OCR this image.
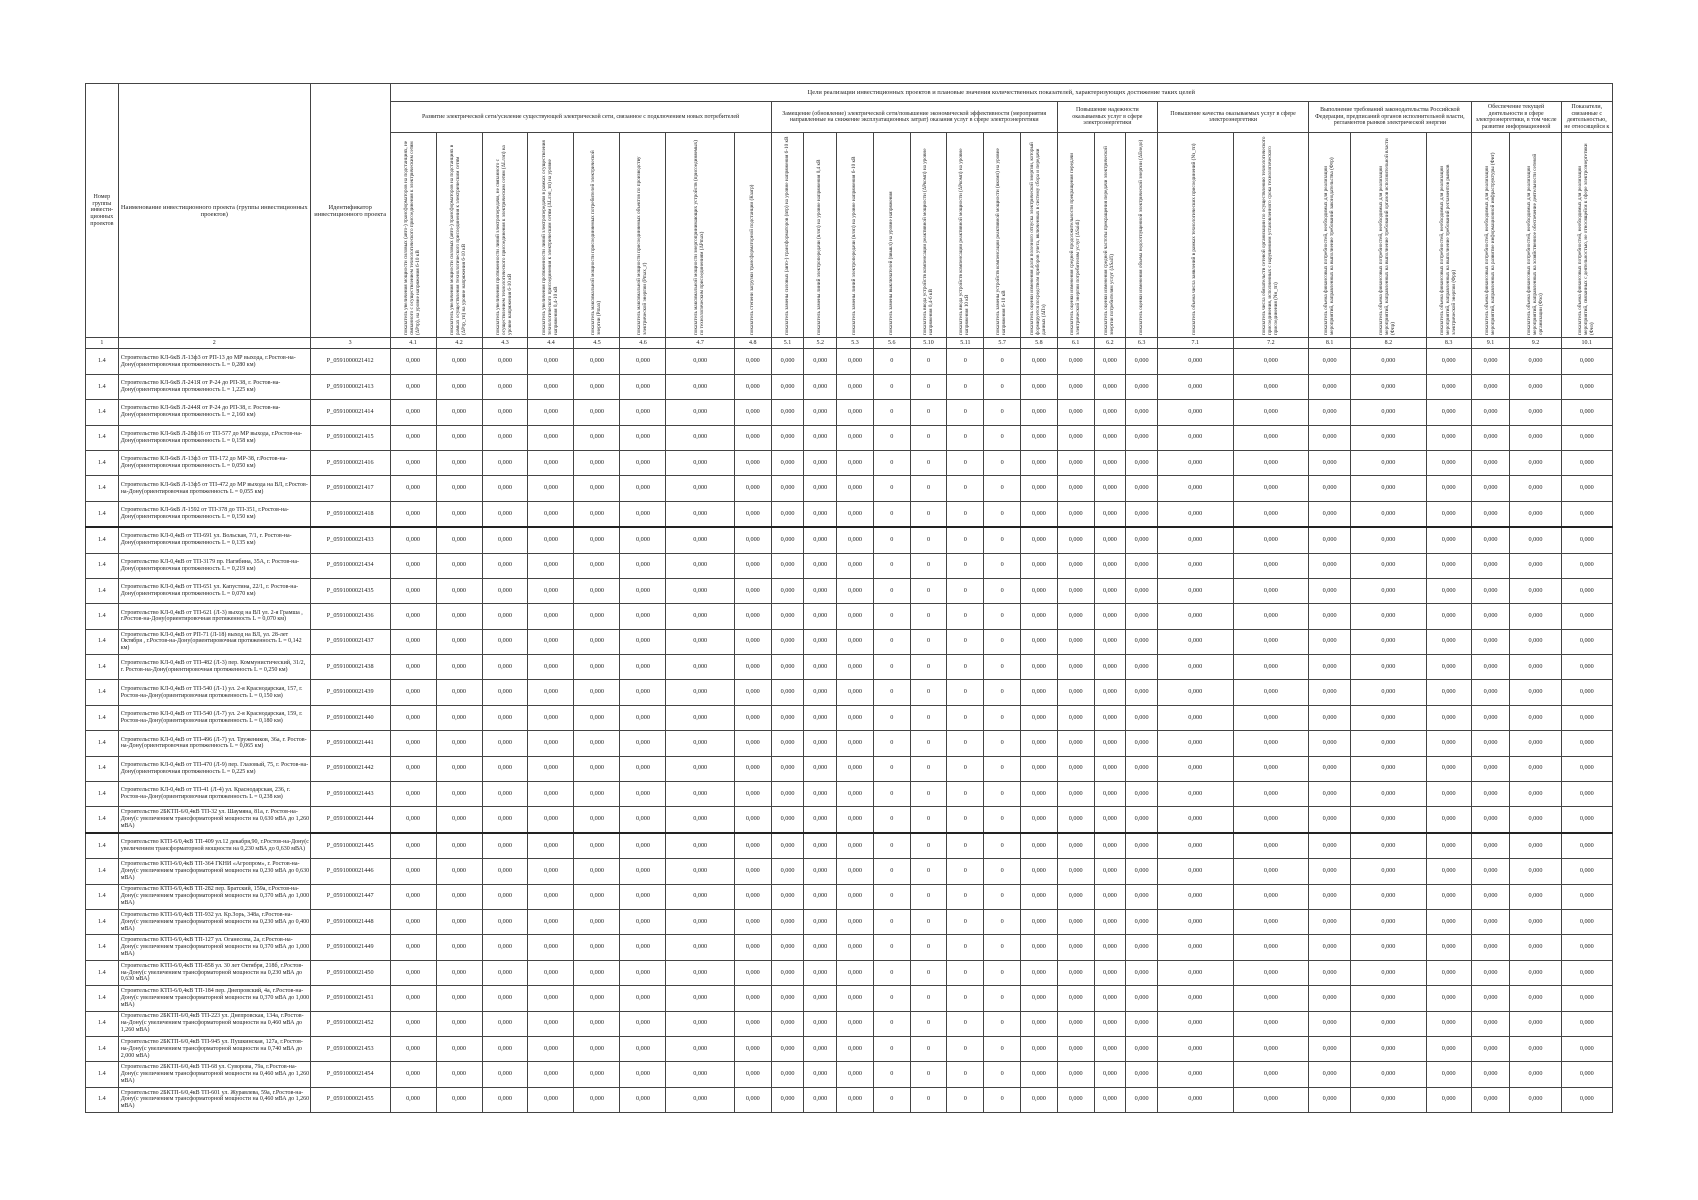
Номер группы инвести-ционных проектов	Наименование инвестиционного проекта (группы инвестиционных проектов)	Идентификатор инвестиционного проекта	Цели реализации инвестиционных проектов и плановые значения количественных показателей, характеризующих достижение таких целей																										
			Развитие электрической сети/усиление существующей электрической сети, связанное с подключением новых потребителей								Замещение (обновление) электрической сети/повышение экономической эффективности (мероприятия направленные на снижение эксплуатационных затрат) оказания услуг в сфере электроэнергетики								Повышение надежности оказываемых услуг в сфере электроэнергетики			Повышение качества оказываемых услуг в сфере электроэнергетики		Выполнение требований законодательства Российской Федерации, предписаний органов исполнительной власти, регламентов рынков электрической энергии			Обеспечение текущей деятельности в сфере электроэнергетики, в том числе развитие информационной		Показатели, связанные с деятельностью, не относящейся к

			показатель увеличения мощности силовых (авто-) трансформаторов на подстанциях, не связанного с осуществлением технологического присоединения к электрическим сетям (ΔPтр), на уровне напряжения 6-10 кВ	показатель увеличения мощности силовых (авто-) трансформаторов на подстанциях в рамках осуществления технологического присоединения к электрическим сетям (ΔPтр_тп) на уровне напряжения 6-10 кВ	показатель увеличения протяженности линий электропередачи, не связанного с осуществлением технологического присоединения к электрическим сетям (ΔLлэп) на уровне напряжения 6-10 кВ	показатель увеличения протяженности линий электропередачи в рамках осуществления технологического присоединения к электрическим сетям (ΔLлэп_тп) на уровне напряжения 0,4-10 кВ	показатель максимальной мощности присоединяемых потребителей электрической энергии (Pmax)	показатель максимальной мощности присоединяемых объектов по производству электрической энергии (Pmax_г)	показатель максимальной мощности энергопринимающих устройств (присоединяемых) по технологическим присоединениям (ΔPmax)	показатель степени загрузки трансформаторной подстанции (Кзагр)	показатель замены силовых (авто-) трансформаторов (nтр) на уровне напряжения 6-10 кВ	показатель замены линий электропередачи (nлэп) на уровне напряжения 0,4 кВ	показатель замены линий электропередачи (nлэп) на уровне напряжения 6-10 кВ	показатель замены выключателей (nвыкл) на уровне напряжения	показатель ввода устройств компенсации реактивной мощности (ΔPкомп) на уровне напряжения 0,4-6 кВ	показатель ввода устройств компенсации реактивной мощности (ΔPкомп) на уровне напряжения 10 кВ	показатель замены устройств компенсации реактивной мощности (nкомп) на уровне напряжения 6-10 кВ	показатель оценки изменения доли полезного отпуска электрической энергии, который формируется посредством приборов учета, включенных в систему сбора и передачи данных (ΔПэ)	показатель оценки изменения средней продолжительности прекращения передачи электрической энергии потребителям услуг (ΔSaidi)	показатель оценки изменения средней частоты прекращения передачи электрической энергии потребителям услуг (ΔSaifi)	показатель оценки изменения объема недоотпущенной электрической энергии (ΔEнедо)	показатель объема числа заявлений в рамках технологических присоединений (Nз_тп)	показатель числа обязательств сетевой организации по осуществлению технологического присоединения, исполненных с нарушением установленного срока технологического присоединения (Nн_тп)	показатель объема финансовых потребностей, необходимых для реализации мероприятий, направленных на выполнение требований законодательства (Фтр)	показатель объема финансовых потребностей, необходимых для реализации мероприятий, направленных на выполнение требований органов исполнительной власти (Фпр)	показатель объема финансовых потребностей, необходимых для реализации мероприятий, направленных на выполнение требований регламентов рынков электрической энергии (Фрр)	показатель объема финансовых потребностей, необходимых для реализации мероприятий, направленных на развитие информационной инфраструктуры (Фит)	показатель объема финансовых потребностей, необходимых для реализации мероприятий, направленных на хозяйственное обеспечение деятельности сетевой организации (Фхо)	показатель объема финансовых потребностей, необходимых для реализации мероприятий, связанных с деятельностью, не относящейся к сфере электроэнергетики (Фнэ)

1	2	3	4.1	4.2	4.3	4.4	4.5	4.6	4.7	4.8	5.1	5.2	5.3	5.6	5.10	5.11	5.7	5.8	6.1	6.2	6.3	7.1	7.2	8.1	8.2	8.3	9.1	9.2	10.1
1.4	Строительство КЛ-6кВ Л-13ф3 от РП-13 до МР выхода, г.Ростов-на-Дону(ориентировочная протяженность L = 0,280 км)	P_0591000021412	0,000	0,000	0,000	0,000	0,000	0,000	0,000	0,000	0,000	0,000	0,000	0	0	0	0	0,000	0,000	0,000	0,000	0,000	0,000	0,000	0,000	0,000	0,000	0,000	0,000
1.4	Строительство КЛ-6кВ Л-241Я от Р-24 до РП-38, г. Ростов-на-Дону(ориентировочная протяженность L = 1,225 км)	P_0591000021413	0,000	0,000	0,000	0,000	0,000	0,000	0,000	0,000	0,000	0,000	0,000	0	0	0	0	0,000	0,000	0,000	0,000	0,000	0,000	0,000	0,000	0,000	0,000	0,000	0,000
1.4	Строительство КЛ-6кВ Л-244Я от Р-24 до РП-38, г. Ростов-на-Дону(ориентировочная протяженность L = 2,160 км)	P_0591000021414	0,000	0,000	0,000	0,000	0,000	0,000	0,000	0,000	0,000	0,000	0,000	0	0	0	0	0,000	0,000	0,000	0,000	0,000	0,000	0,000	0,000	0,000	0,000	0,000	0,000
1.4	Строительство КЛ-6кВ Л-28ф16 от ТП-577 до МР выхода, г.Ростов-на-Дону(ориентировочная протяженность L = 0,158 км)	P_0591000021415	0,000	0,000	0,000	0,000	0,000	0,000	0,000	0,000	0,000	0,000	0,000	0	0	0	0	0,000	0,000	0,000	0,000	0,000	0,000	0,000	0,000	0,000	0,000	0,000	0,000
1.4	Строительство КЛ-6кВ Л-13ф3 от ТП-172 до МР-38, г.Ростов-на-Дону(ориентировочная протяженность L = 0,050 км)	P_0591000021416	0,000	0,000	0,000	0,000	0,000	0,000	0,000	0,000	0,000	0,000	0,000	0	0	0	0	0,000	0,000	0,000	0,000	0,000	0,000	0,000	0,000	0,000	0,000	0,000	0,000
1.4	Строительство КЛ-6кВ Л-13ф5 от ТП-472 до МР выхода на ВЛ, г.Ростов-на-Дону(ориентировочная протяженность L = 0,055 км)	P_0591000021417	0,000	0,000	0,000	0,000	0,000	0,000	0,000	0,000	0,000	0,000	0,000	0	0	0	0	0,000	0,000	0,000	0,000	0,000	0,000	0,000	0,000	0,000	0,000	0,000	0,000
1.4	Строительство КЛ-6кВ Л-1592 от ТП-378 до ТП-351, г.Ростов-на-Дону(ориентировочная протяженность L = 0,150 км)	P_0591000021418	0,000	0,000	0,000	0,000	0,000	0,000	0,000	0,000	0,000	0,000	0,000	0	0	0	0	0,000	0,000	0,000	0,000	0,000	0,000	0,000	0,000	0,000	0,000	0,000	0,000
1.4	Строительство КЛ-0,4кВ от ТП-691 ул. Вольская, 7/1, г. Ростов-на-Дону(ориентировочная протяженность L = 0,135 км)	P_0591000021433	0,000	0,000	0,000	0,000	0,000	0,000	0,000	0,000	0,000	0,000	0,000	0	0	0	0	0,000	0,000	0,000	0,000	0,000	0,000	0,000	0,000	0,000	0,000	0,000	0,000
1.4	Строительство КЛ-0,4кВ от ТП-3179 пр. Нагибина, 35А, г. Ростов-на-Дону(ориентировочная протяженность L = 0,219 км)	P_0591000021434	0,000	0,000	0,000	0,000	0,000	0,000	0,000	0,000	0,000	0,000	0,000	0	0	0	0	0,000	0,000	0,000	0,000	0,000	0,000	0,000	0,000	0,000	0,000	0,000	0,000
1.4	Строительство КЛ-0,4кВ от ТП-651 ул. Капустина, 22/1, г. Ростов-на-Дону(ориентировочная протяженность L = 0,070 км)	P_0591000021435	0,000	0,000	0,000	0,000	0,000	0,000	0,000	0,000	0,000	0,000	0,000	0	0	0	0	0,000	0,000	0,000	0,000	0,000	0,000	0,000	0,000	0,000	0,000	0,000	0,000
1.4	Строительство КЛ-0,4кВ от ТП-621 (Л-3) выход на ВЛ ул. 2-я Грамша , г.Ростов-на-Дону(ориентировочная протяженность L = 0,070 км)	P_0591000021436	0,000	0,000	0,000	0,000	0,000	0,000	0,000	0,000	0,000	0,000	0,000	0	0	0	0	0,000	0,000	0,000	0,000	0,000	0,000	0,000	0,000	0,000	0,000	0,000	0,000
1.4	Строительство КЛ-0,4кВ от РП-71 (Л-18) выход на ВЛ, ул. 28-лет Октября , г.Ростов-на-Дону(ориентировочная протяженность L = 0,142 км)	P_0591000021437	0,000	0,000	0,000	0,000	0,000	0,000	0,000	0,000	0,000	0,000	0,000	0	0	0	0	0,000	0,000	0,000	0,000	0,000	0,000	0,000	0,000	0,000	0,000	0,000	0,000
1.4	Строительство КЛ-0,4кВ от ТП-482 (Л-3) пер. Коммунистический, 31/2, г. Ростов-на-Дону(ориентировочная протяженность L = 0,250 км)	P_0591000021438	0,000	0,000	0,000	0,000	0,000	0,000	0,000	0,000	0,000	0,000	0,000	0	0	0	0	0,000	0,000	0,000	0,000	0,000	0,000	0,000	0,000	0,000	0,000	0,000	0,000
1.4	Строительство КЛ-0,4кВ от ТП-540 (Л-1) ул. 2-я Краснодарская, 157, г. Ростов-на-Дону(ориентировочная протяженность L = 0,150 км)	P_0591000021439	0,000	0,000	0,000	0,000	0,000	0,000	0,000	0,000	0,000	0,000	0,000	0	0	0	0	0,000	0,000	0,000	0,000	0,000	0,000	0,000	0,000	0,000	0,000	0,000	0,000
1.4	Строительство КЛ-0,4кВ от ТП-540 (Л-7) ул. 2-я Краснодарская, 159, г. Ростов-на-Дону(ориентировочная протяженность L = 0,180 км)	P_0591000021440	0,000	0,000	0,000	0,000	0,000	0,000	0,000	0,000	0,000	0,000	0,000	0	0	0	0	0,000	0,000	0,000	0,000	0,000	0,000	0,000	0,000	0,000	0,000	0,000	0,000
1.4	Строительство КЛ-0,4кВ от ТП-496 (Л-7) ул. Тружеников, 36а, г. Ростов-на-Дону(ориентировочная протяженность L = 0,065 км)	P_0591000021441	0,000	0,000	0,000	0,000	0,000	0,000	0,000	0,000	0,000	0,000	0,000	0	0	0	0	0,000	0,000	0,000	0,000	0,000	0,000	0,000	0,000	0,000	0,000	0,000	0,000
1.4	Строительство КЛ-0,4кВ от ТП-470 (Л-9) пер. Глазовый, 75, г. Ростов-на-Дону(ориентировочная протяженность L = 0,225 км)	P_0591000021442	0,000	0,000	0,000	0,000	0,000	0,000	0,000	0,000	0,000	0,000	0,000	0	0	0	0	0,000	0,000	0,000	0,000	0,000	0,000	0,000	0,000	0,000	0,000	0,000	0,000
1.4	Строительство КЛ-0,4кВ от ТП-41 (Л-4) ул. Краснодарская, 236, г. Ростов-на-Дону(ориентировочная протяженность L = 0,238 км)	P_0591000021443	0,000	0,000	0,000	0,000	0,000	0,000	0,000	0,000	0,000	0,000	0,000	0	0	0	0	0,000	0,000	0,000	0,000	0,000	0,000	0,000	0,000	0,000	0,000	0,000	0,000
1.4	Строительство 2БКТП-6/0,4кВ ТП-32 ул. Шаумяна, 81а, г. Ростов-на-Дону(с увеличением трансформаторной мощности на 0,630 мВА до 1,260 мВА)	P_0591000021444	0,000	0,000	0,000	0,000	0,000	0,000	0,000	0,000	0,000	0,000	0,000	0	0	0	0	0,000	0,000	0,000	0,000	0,000	0,000	0,000	0,000	0,000	0,000	0,000	0,000
1.4	Строительство КТП-6/0,4кВ ТП-409 ул.12 декабря,90, г.Ростов-на-Дону(с увеличением трансформаторной мощности на 0,230 мВА до 0,630 мВА)	P_0591000021445	0,000	0,000	0,000	0,000	0,000	0,000	0,000	0,000	0,000	0,000	0,000	0	0	0	0	0,000	0,000	0,000	0,000	0,000	0,000	0,000	0,000	0,000	0,000	0,000	0,000
1.4	Строительство КТП-6/0,4кВ ТП-364 ГКНИ «Агропром», г. Ростов-на-Дону(с увеличением трансформаторной мощности на 0,230 мВА до 0,630 мВА)	P_0591000021446	0,000	0,000	0,000	0,000	0,000	0,000	0,000	0,000	0,000	0,000	0,000	0	0	0	0	0,000	0,000	0,000	0,000	0,000	0,000	0,000	0,000	0,000	0,000	0,000	0,000
1.4	Строительство КТП-6/0,4кВ ТП-282 пер. Братский, 159а, г.Ростов-на-Дону(с увеличением трансформаторной мощности на 0,370 мВА до 1,000 мВА)	P_0591000021447	0,000	0,000	0,000	0,000	0,000	0,000	0,000	0,000	0,000	0,000	0,000	0	0	0	0	0,000	0,000	0,000	0,000	0,000	0,000	0,000	0,000	0,000	0,000	0,000	0,000
1.4	Строительство КТП-6/0,4кВ ТП-932 ул. Кр.Зорь, 348а, г.Ростов-на-Дону(с увеличением трансформаторной мощности на 0,230 мВА до 0,400 мВА)	P_0591000021448	0,000	0,000	0,000	0,000	0,000	0,000	0,000	0,000	0,000	0,000	0,000	0	0	0	0	0,000	0,000	0,000	0,000	0,000	0,000	0,000	0,000	0,000	0,000	0,000	0,000
1.4	Строительство КТП-6/0,4кВ ТП-127 ул. Оганесова, 2а, г.Ростов-на-Дону(с увеличением трансформаторной мощности на 0,370 мВА до 1,000 мВА)	P_0591000021449	0,000	0,000	0,000	0,000	0,000	0,000	0,000	0,000	0,000	0,000	0,000	0	0	0	0	0,000	0,000	0,000	0,000	0,000	0,000	0,000	0,000	0,000	0,000	0,000	0,000
1.4	Строительство КТП-6/0,4кВ ТП-858 ул. 30 лет Октября, 218б, г.Ростов-на-Дону(с увеличением трансформаторной мощности на 0,230 мВА до 0,630 мВА)	P_0591000021450	0,000	0,000	0,000	0,000	0,000	0,000	0,000	0,000	0,000	0,000	0,000	0	0	0	0	0,000	0,000	0,000	0,000	0,000	0,000	0,000	0,000	0,000	0,000	0,000	0,000
1.4	Строительство КТП-6/0,4кВ ТП-184 пер. Днепровский, 4а, г.Ростов-на-Дону(с увеличением трансформаторной мощности на 0,370 мВА до 1,000 мВА)	P_0591000021451	0,000	0,000	0,000	0,000	0,000	0,000	0,000	0,000	0,000	0,000	0,000	0	0	0	0	0,000	0,000	0,000	0,000	0,000	0,000	0,000	0,000	0,000	0,000	0,000	0,000
1.4	Строительство 2БКТП-6/0,4кВ ТП-223 ул. Днепровская, 134а, г.Ростов-на-Дону(с увеличением трансформаторной мощности на 0,460 мВА до 1,260 мВА)	P_0591000021452	0,000	0,000	0,000	0,000	0,000	0,000	0,000	0,000	0,000	0,000	0,000	0	0	0	0	0,000	0,000	0,000	0,000	0,000	0,000	0,000	0,000	0,000	0,000	0,000	0,000
1.4	Строительство 2БКТП-6/0,4кВ ТП-945 ул. Пушкинская, 127а, г.Ростов-на-Дону(с увеличением трансформаторной мощности на 0,740 мВА до 2,000 мВА)	P_0591000021453	0,000	0,000	0,000	0,000	0,000	0,000	0,000	0,000	0,000	0,000	0,000	0	0	0	0	0,000	0,000	0,000	0,000	0,000	0,000	0,000	0,000	0,000	0,000	0,000	0,000
1.4	Строительство 2БКТП-6/0,4кВ ТП-68 ул. Суворова, 79а, г.Ростов-на-Дону(с увеличением трансформаторной мощности на 0,460 мВА до 1,260 мВА)	P_0591000021454	0,000	0,000	0,000	0,000	0,000	0,000	0,000	0,000	0,000	0,000	0,000	0	0	0	0	0,000	0,000	0,000	0,000	0,000	0,000	0,000	0,000	0,000	0,000	0,000	0,000
1.4	Строительство 2БКТП-6/0,4кВ ТП-601 ул. Журавлева, 59а, г.Ростов-на-Дону(с увеличением трансформаторной мощности на 0,460 мВА до 1,260 мВА)	P_0591000021455	0,000	0,000	0,000	0,000	0,000	0,000	0,000	0,000	0,000	0,000	0,000	0	0	0	0	0,000	0,000	0,000	0,000	0,000	0,000	0,000	0,000	0,000	0,000	0,000	0,000
